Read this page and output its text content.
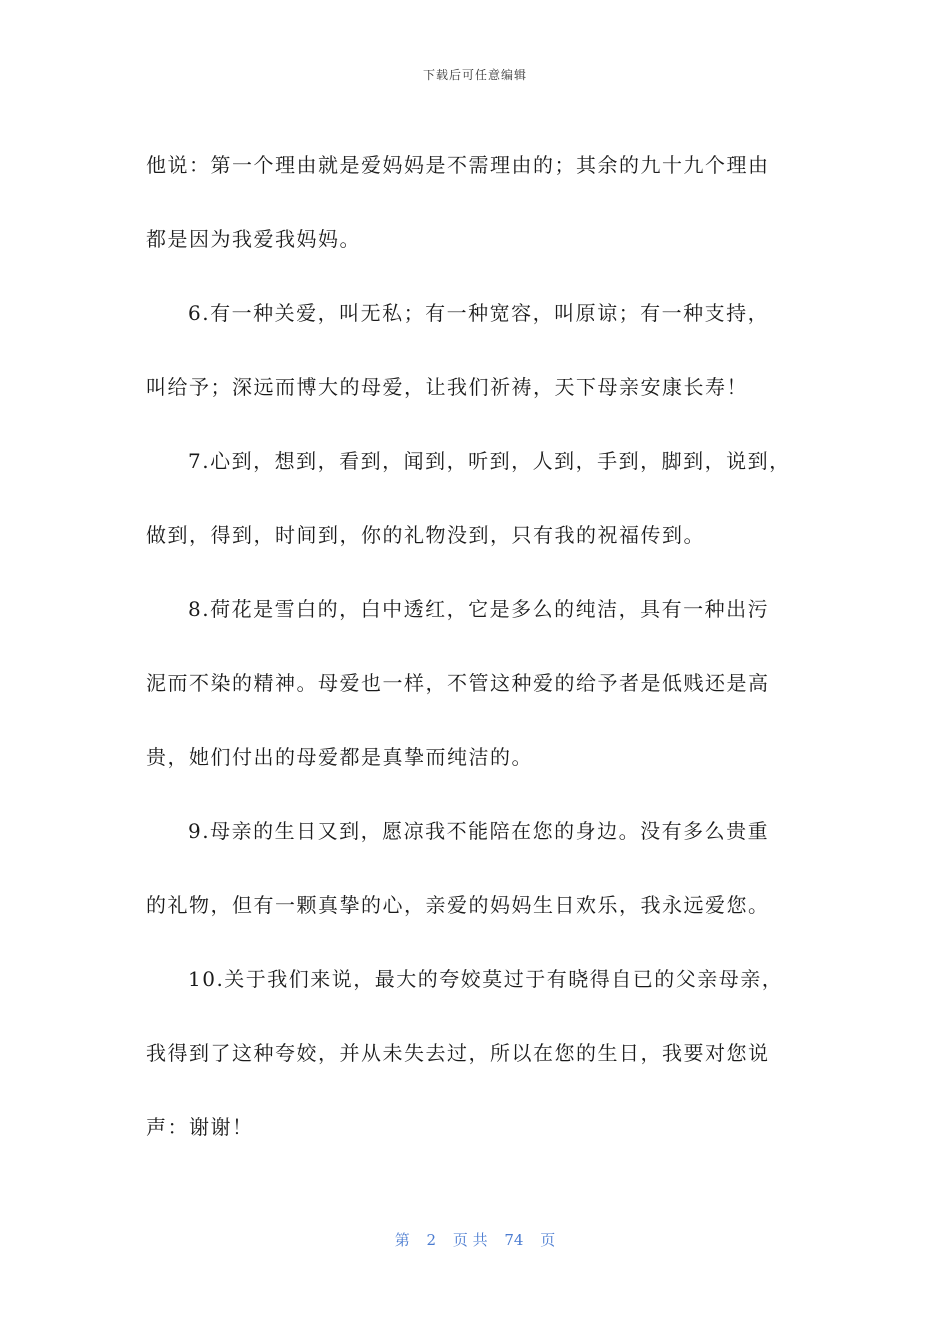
下载后可任意编辑

他说：第一个理由就是爱妈妈是不需理由的；其余的九十九个理由

都是因为我爱我妈妈。

6.有一种关爱，叫无私；有一种宽容，叫原谅；有一种支持，

叫给予；深远而博大的母爱，让我们祈祷，天下母亲安康长寿！

7.心到，想到，看到，闻到，听到，人到，手到，脚到，说到，

做到，得到，时间到，你的礼物没到，只有我的祝福传到。

8.荷花是雪白的，白中透红，它是多么的纯洁，具有一种出污

泥而不染的精神。母爱也一样，不管这种爱的给予者是低贱还是高

贵，她们付出的母爱都是真挚而纯洁的。

9.母亲的生日又到，愿凉我不能陪在您的身边。没有多么贵重

的礼物，但有一颗真挚的心，亲爱的妈妈生日欢乐，我永远爱您。

10.关于我们来说，最大的夸姣莫过于有晓得自已的父亲母亲，

我得到了这种夸姣，并从未失去过，所以在您的生日，我要对您说

声：谢谢！

第 2 页 共 74 页
